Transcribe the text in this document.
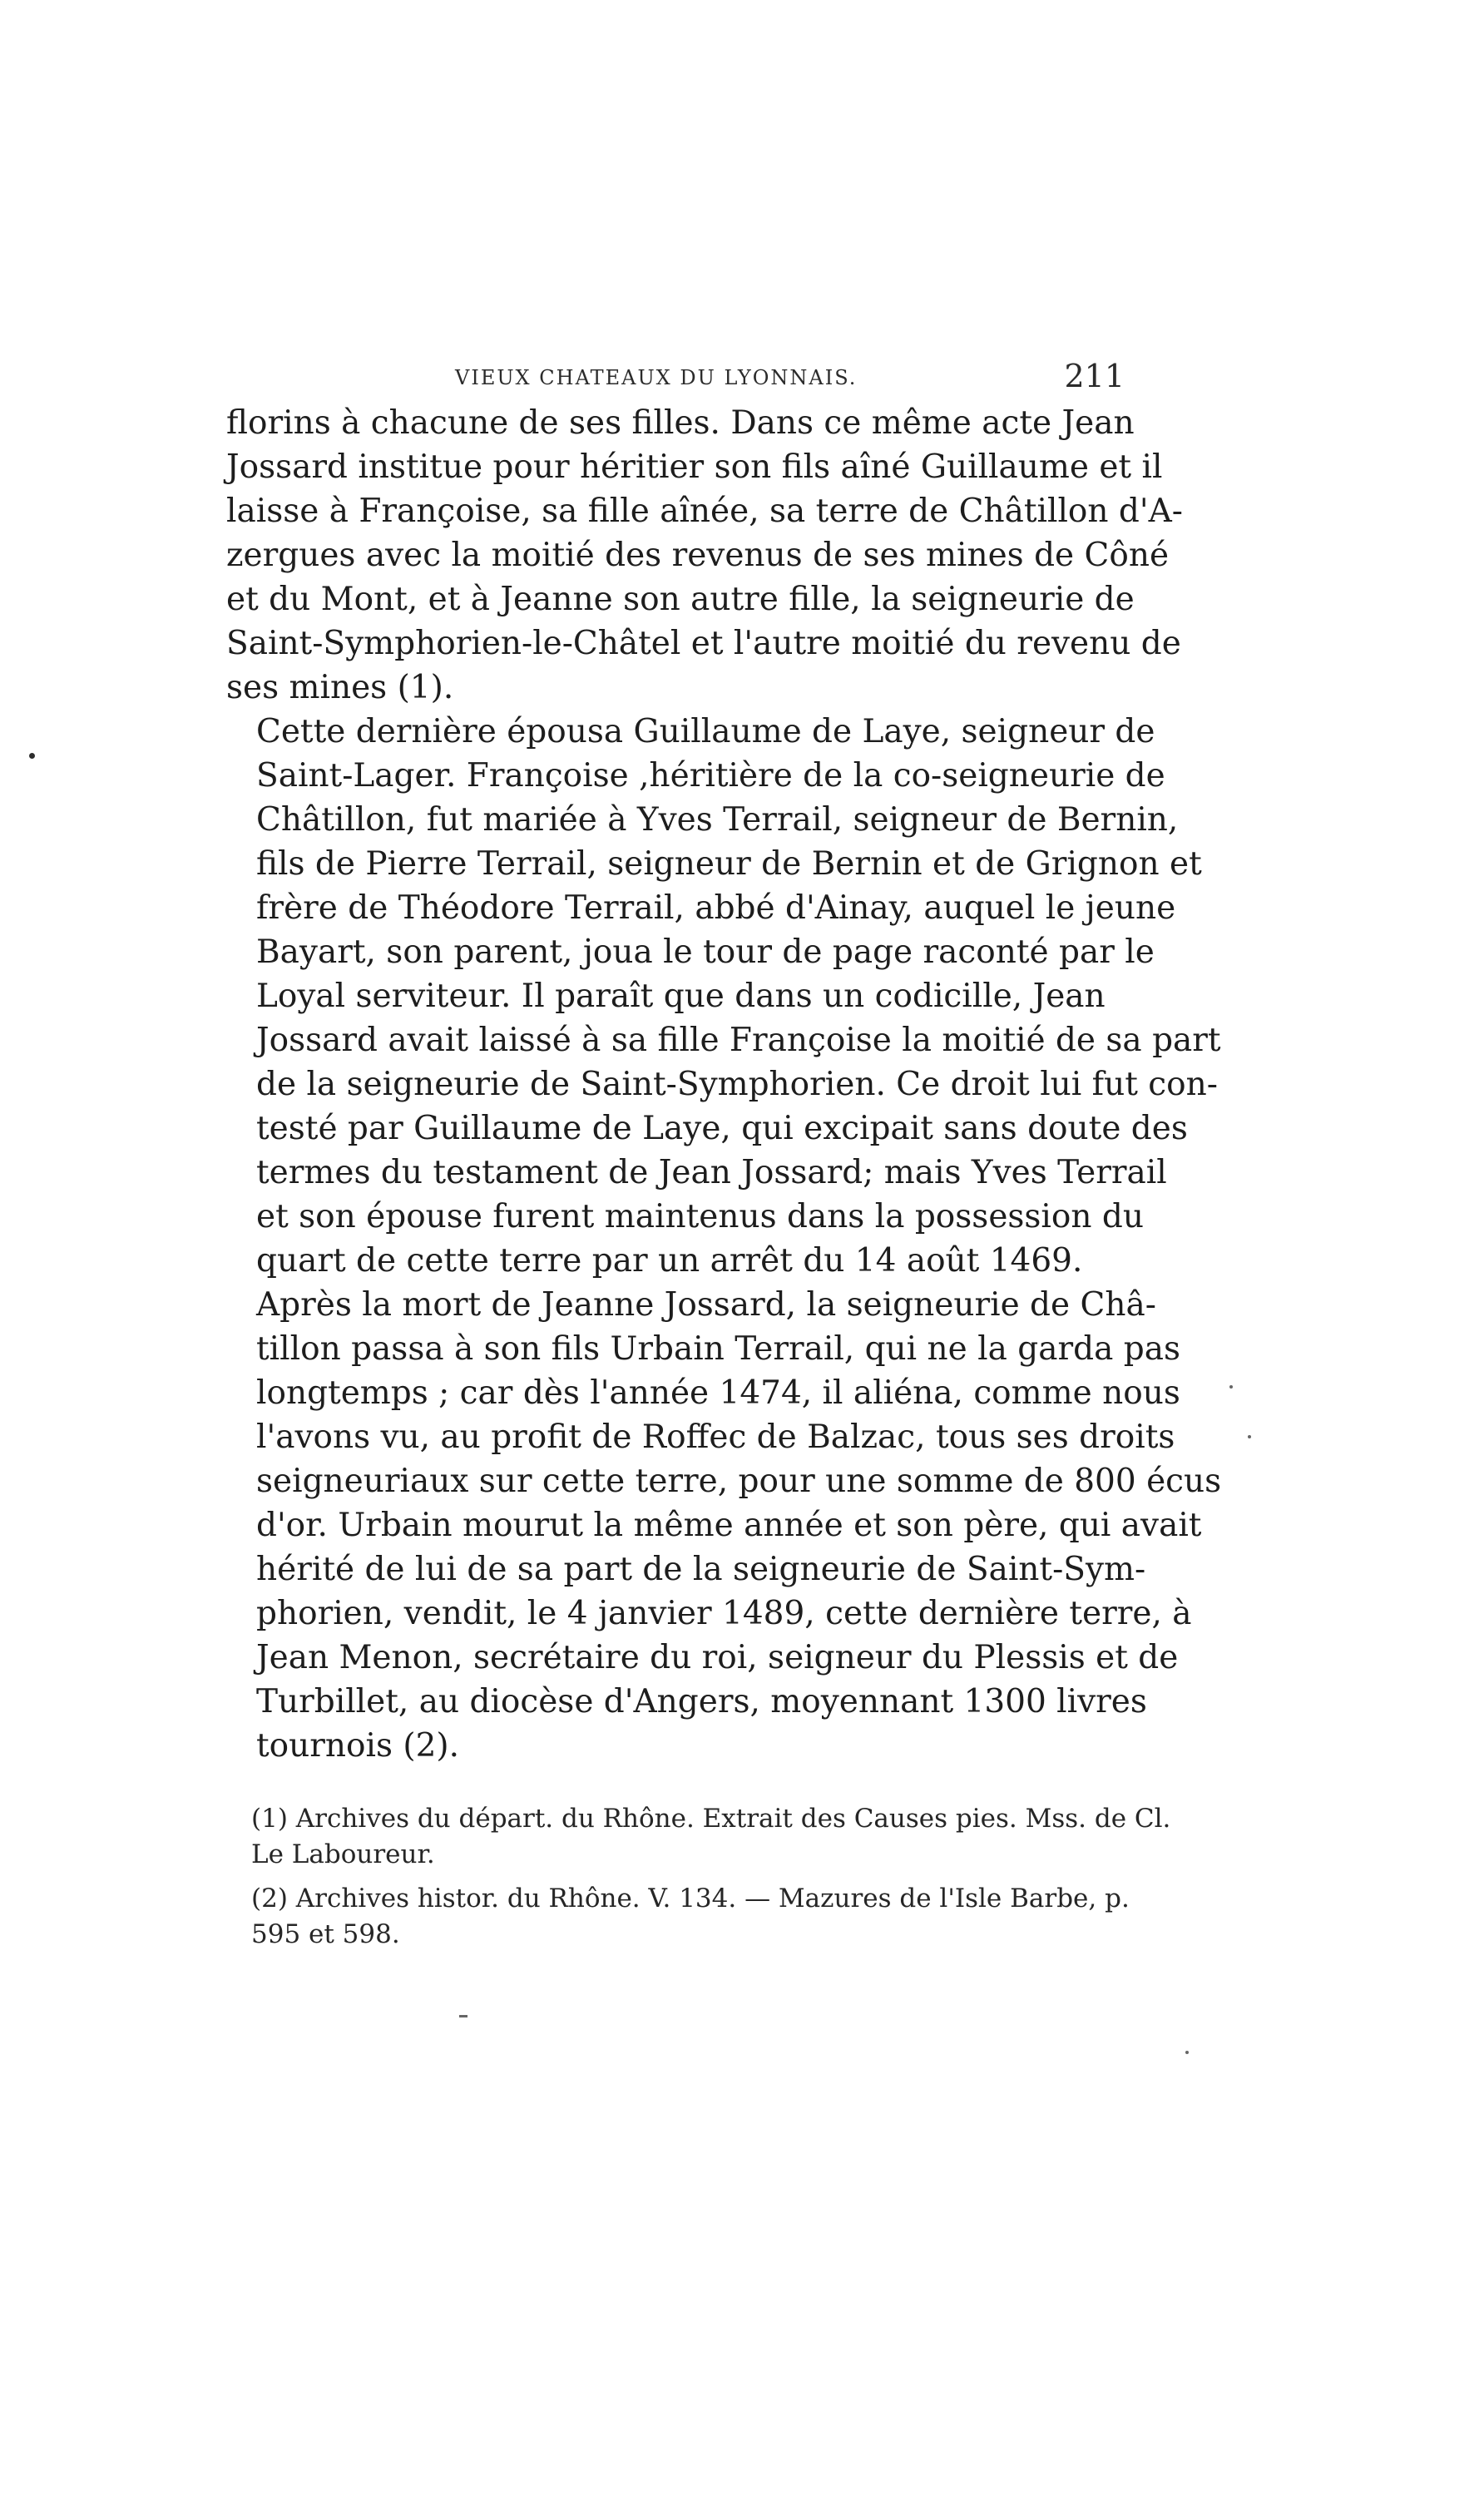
VIEUX CHATEAUX DU LYONNAIS.	211

florins à chacune de ses filles. Dans ce même acte Jean
Jossard institue pour héritier son fils aîné Guillaume et il
laisse à Françoise, sa fille aînée, sa terre de Châtillon d'A-
zergues avec la moitié des revenus de ses mines de Côné
et du Mont, et à Jeanne son autre fille, la seigneurie de
Saint-Symphorien-le-Châtel et l'autre moitié du revenu de
ses mines (1).

Cette dernière épousa Guillaume de Laye, seigneur de
Saint-Lager. Françoise ,héritière de la co-seigneurie de
Châtillon, fut mariée à Yves Terrail, seigneur de Bernin,
fils de Pierre Terrail, seigneur de Bernin et de Grignon et
frère de Théodore Terrail, abbé d'Ainay, auquel le jeune
Bayart, son parent, joua le tour de page raconté par le
Loyal serviteur. Il paraît que dans un codicille, Jean
Jossard avait laissé à sa fille Françoise la moitié de sa part
de la seigneurie de Saint-Symphorien. Ce droit lui fut con-
testé par Guillaume de Laye, qui excipait sans doute des
termes du testament de Jean Jossard; mais Yves Terrail
et son épouse furent maintenus dans la possession du
quart de cette terre par un arrêt du 14 août 1469.

Après la mort de Jeanne Jossard, la seigneurie de Châ-
tillon passa à son fils Urbain Terrail, qui ne la garda pas
longtemps ; car dès l'année 1474, il aliéna, comme nous
l'avons vu, au profit de Roffec de Balzac, tous ses droits
seigneuriaux sur cette terre, pour une somme de 800 écus
d'or. Urbain mourut la même année et son père, qui avait
hérité de lui de sa part de la seigneurie de Saint-Sym-
phorien, vendit, le 4 janvier 1489, cette dernière terre, à
Jean Menon, secrétaire du roi, seigneur du Plessis et de
Turbillet, au diocèse d'Angers, moyennant 1300 livres
tournois (2).

(1) Archives du départ. du Rhône. Extrait des Causes pies. Mss. de Cl.
Le Laboureur.

(2) Archives histor. du Rhône. V. 134. — Mazures de l'Isle Barbe, p.
595 et 598.
